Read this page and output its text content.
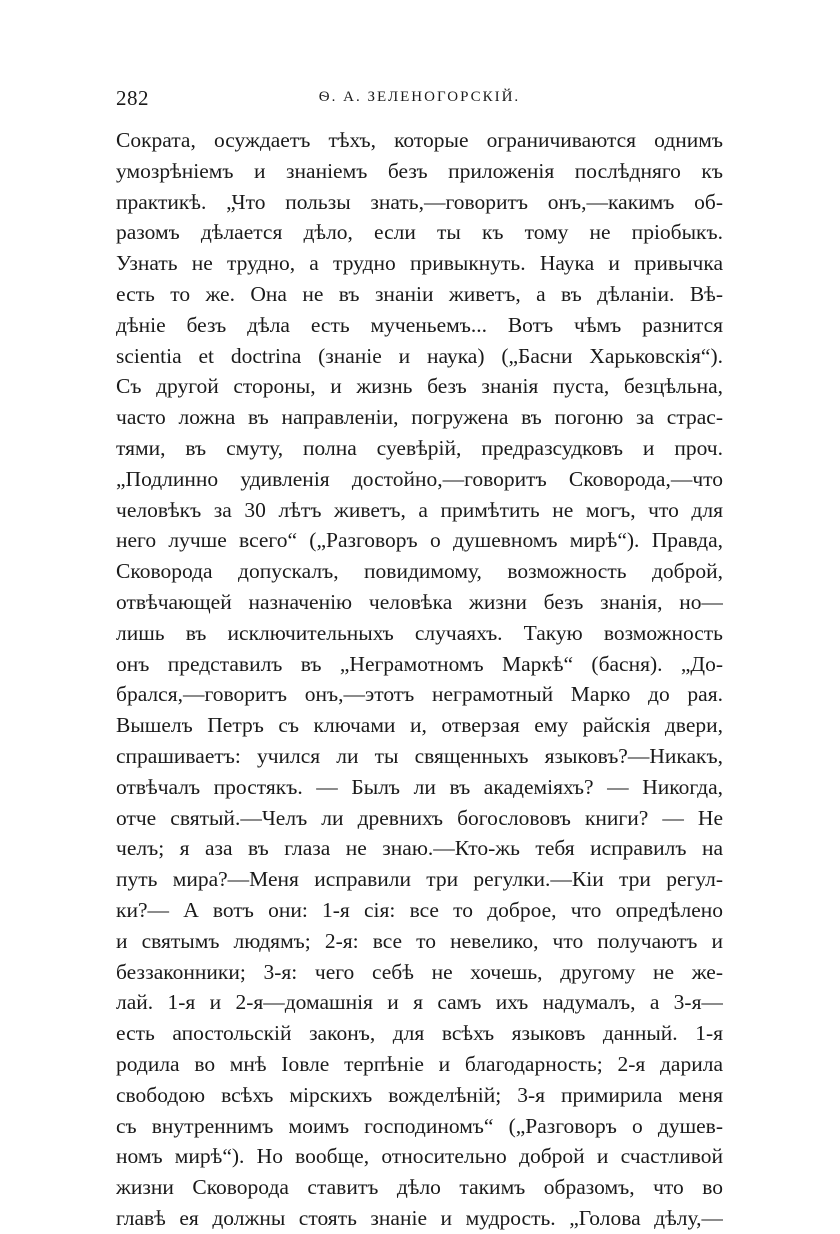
282	Ѳ. А. ЗЕЛЕНОГОРСКІЙ.
Сократа, осуждаетъ тѣхъ, которые ограничиваются однимъ
умозрѣніемъ и знаніемъ безъ приложенія послѣдняго къ
практикѣ. „Что пользы знать,—говоритъ онъ,—какимъ об-
разомъ дѣлается дѣло, если ты къ тому не пріобыкъ.
Узнать не трудно, а трудно привыкнуть. Наука и привычка
есть то же. Она не въ знаніи живетъ, а въ дѣланіи. Вѣ-
дѣніе безъ дѣла есть мученьемъ... Вотъ чѣмъ разнится
scientia et doctrina (знаніе и наука) („Басни Харьковскія“).
Съ другой стороны, и жизнь безъ знанія пуста, безцѣльна,
часто ложна въ направленіи, погружена въ погоню за страс-
тями, въ смуту, полна суевѣрій, предразсудковъ и проч.
„Подлинно удивленія достойно,—говоритъ Сковорода,—что
человѣкъ за 30 лѣтъ живетъ, а примѣтить не могъ, что для
него лучше всего“ („Разговоръ о душевномъ мирѣ“). Правда,
Сковорода допускалъ, повидимому, возможность доброй,
отвѣчающей назначенію человѣка жизни безъ знанія, но—
лишь въ исключительныхъ случаяхъ. Такую возможность
онъ представилъ въ „Неграмотномъ Маркѣ“ (басня). „До-
брался,—говоритъ онъ,—этотъ неграмотный Марко до рая.
Вышелъ Петръ съ ключами и, отверзая ему райскія двери,
спрашиваетъ: учился ли ты священныхъ языковъ?—Никакъ,
отвѣчалъ простякъ. — Былъ ли въ академіяхъ? — Никогда,
отче святый.—Челъ ли древнихъ богослововъ книги? — Не
челъ; я аза въ глаза не знаю.—Кто-жь тебя исправилъ на
путь мира?—Меня исправили три регулки.—Кіи три регул-
ки?— А вотъ они: 1-я сія: все то доброе, что опредѣлено
и святымъ людямъ; 2-я: все то невелико, что получаютъ и
беззаконники; 3-я: чего себѣ не хочешь, другому не же-
лай. 1-я и 2-я—домашнія и я самъ ихъ надумалъ, а 3-я—
есть апостольскій законъ, для всѣхъ языковъ данный. 1-я
родила во мнѣ Іовле терпѣніе и благодарность; 2-я дарила
свободою всѣхъ мірскихъ вожделѣній; 3-я примирила меня
съ внутреннимъ моимъ господиномъ“ („Разговоръ о душев-
номъ мирѣ“). Но вообще, относительно доброй и счастливой
жизни Сковорода ставитъ дѣло такимъ образомъ, что во
главѣ ея должны стоять знаніе и мудрость. „Голова дѣлу,—
